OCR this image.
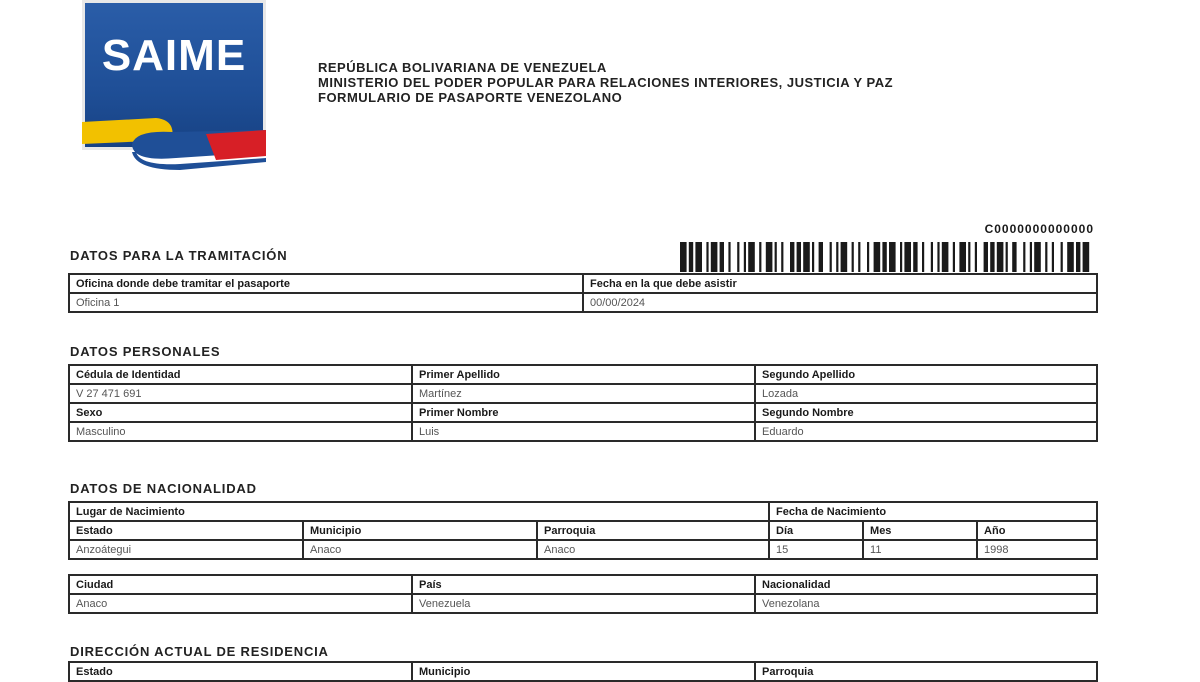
SAIME	REPÚBLICA BOLIVARIANA DE VENEZUELA
MINISTERIO DEL PODER POPULAR PARA RELACIONES INTERIORES, JUSTICIA Y PAZ
FORMULARIO DE PASAPORTE VENEZOLANO
C0000000000000
DATOS PARA LA TRAMITACIÓN
Oficina donde debe tramitar el pasaporte	Fecha en la que debe asistir
Oficina 1	00/00/2024
DATOS PERSONALES
Cédula de Identidad	Primer Apellido	Segundo Apellido
V 27 471 691	Martínez	Lozada
Sexo	Primer Nombre	Segundo Nombre
Masculino	Luis	Eduardo
DATOS DE NACIONALIDAD
Lugar de Nacimiento			Fecha de Nacimiento		
Estado	Municipio	Parroquia	Día	Mes	Año
Anzoátegui	Anaco	Anaco	15	11	1998
Ciudad	País	Nacionalidad
Anaco	Venezuela	Venezolana
DIRECCIÓN ACTUAL DE RESIDENCIA
Estado	Municipio	Parroquia
